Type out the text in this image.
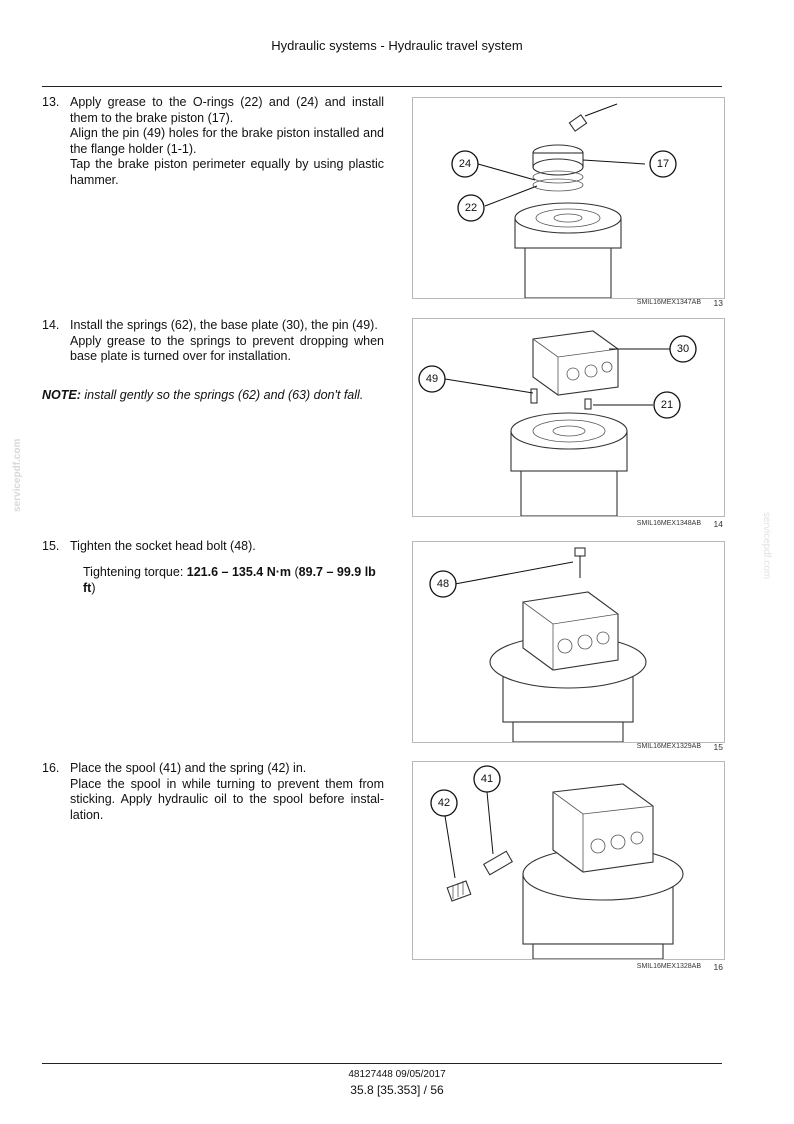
Hydraulic systems - Hydraulic travel system
13. Apply grease to the O-rings (22) and (24) and install them to the brake piston (17).

Align the pin (49) holes for the brake piston installed and the flange holder (1-1).

Tap the brake piston perimeter equally by using plastic hammer.

24	17
22
SMIL16MEX1347AB 13
14. Install the springs (62), the base plate (30), the pin (49).

Apply grease to the springs to prevent dropping when base plate is turned over for installation.

NOTE: install gently so the springs (62) and (63) don't fall.
30
49
21
SMIL16MEX1348AB 14
15. Tighten the socket head bolt (48).

Tightening torque: 121.6 – 135.4 N·m (89.7 – 99.9 lb ft)	48
SMIL16MEX1329AB 15
16. Place the spool (41) and the spring (42) in.

Place the spool in while turning to prevent them from sticking. Apply hydraulic oil to the spool before instal-lation.

41
42
SMIL16MEX1328AB 16
servicepdf.com
servicepdf.com
48127448 09/05/2017
35.8 [35.353] / 56
